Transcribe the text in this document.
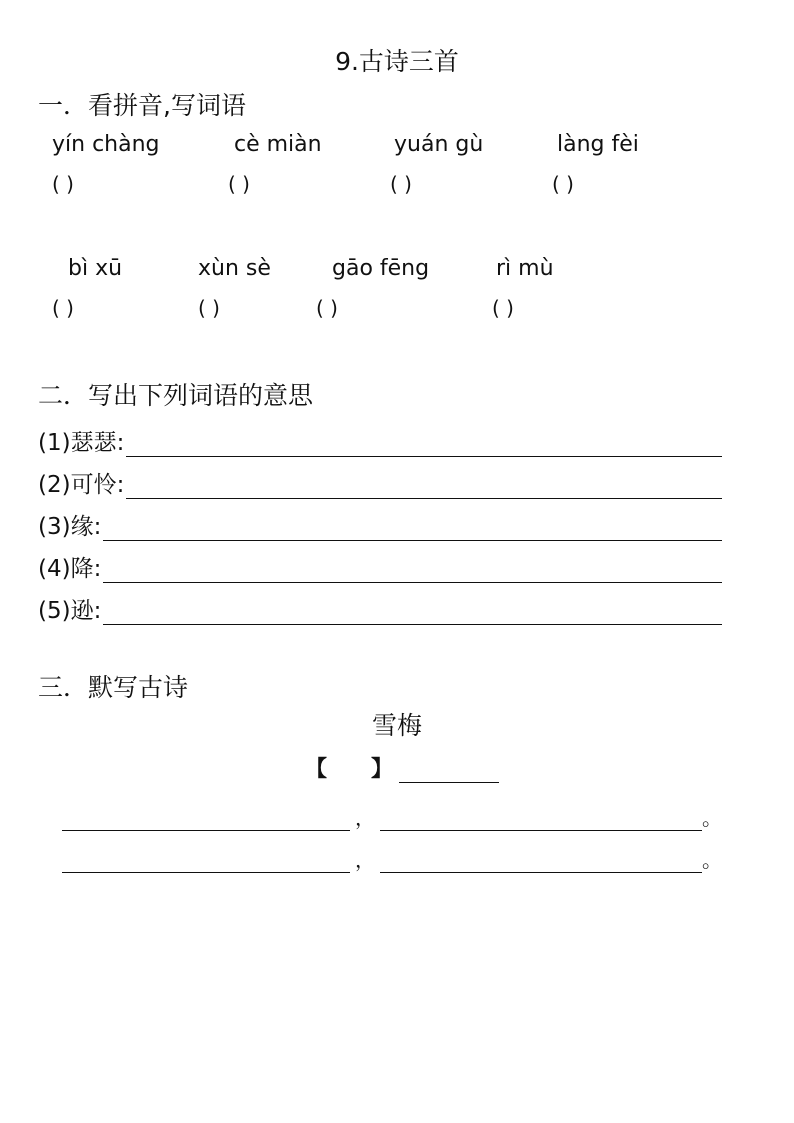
9.古诗三首
一．看拼音,写词语
yín chàng	cè miàn	yuán gù	làng fèi
( )	( )	( )	( )
bì xū	xùn sè	gāo fēng	rì mù
( )	( )	( )	( )
二．写出下列词语的意思
(1)瑟瑟:
(2)可怜:
(3)缘:
(4)降:
(5)逊:
三．默写古诗
雪梅
【 】
，	。
，	。
